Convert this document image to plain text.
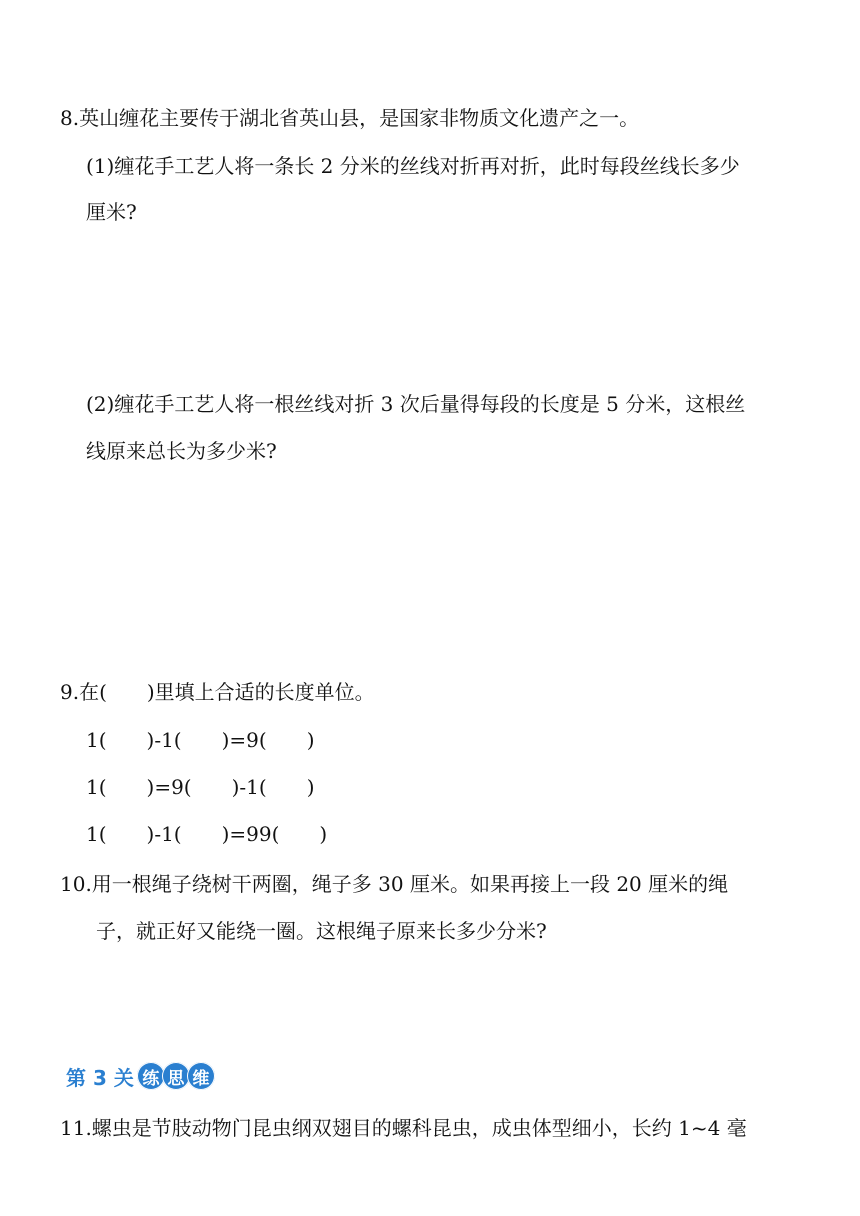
8.英山缠花主要传于湖北省英山县，是国家非物质文化遗产之一。
(1)缠花手工艺人将一条长 2 分米的丝线对折再对折，此时每段丝线长多少
厘米?
(2)缠花手工艺人将一根丝线对折 3 次后量得每段的长度是 5 分米，这根丝
线原来总长为多少米?
9.在(　　)里填上合适的长度单位。
1(　　)-1(　　)=9(　　)
1(　　)=9(　　)-1(　　)
1(　　)-1(　　)=99(　　)
10.用一根绳子绕树干两圈，绳子多 30 厘米。如果再接上一段 20 厘米的绳
子，就正好又能绕一圈。这根绳子原来长多少分米?
第 3 关 练 思 维
11.螺虫是节肢动物门昆虫纲双翅目的螺科昆虫，成虫体型细小，长约 1~4 毫
